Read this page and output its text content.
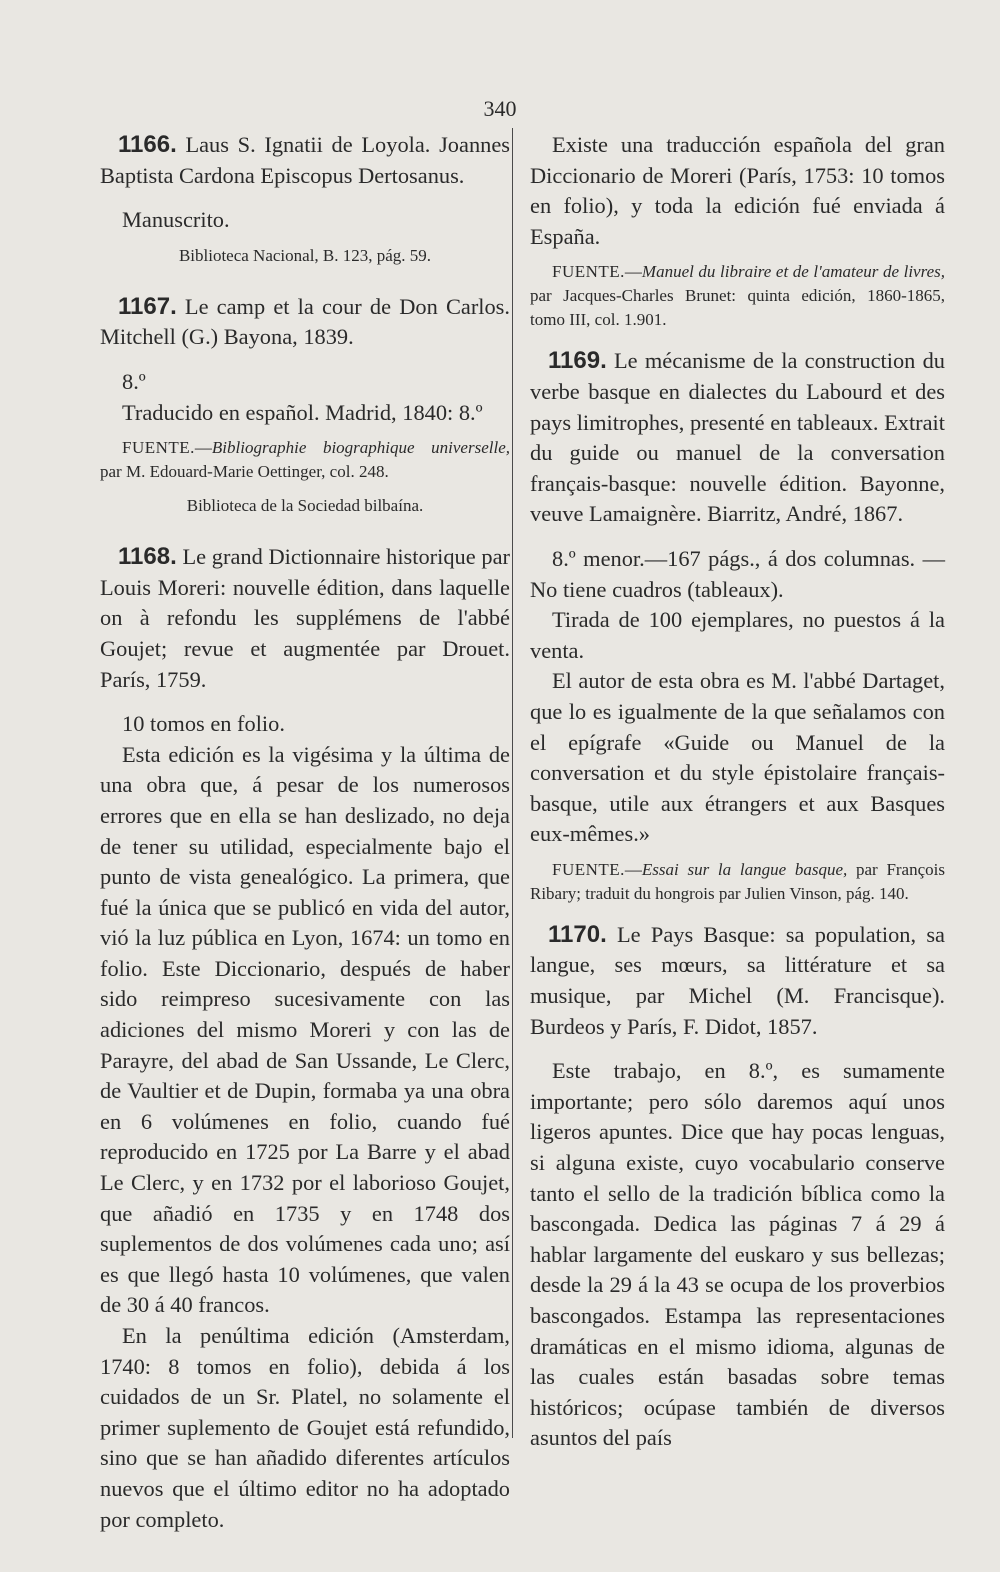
340

1166. Laus S. Ignatii de Loyola. Joannes Baptista Cardona Episcopus Dertosanus.

Manuscrito.

Biblioteca Nacional, B. 123, pág. 59.

1167. Le camp et la cour de Don Carlos. Mitchell (G.) Bayona, 1839.

8.º

Traducido en español. Madrid, 1840: 8.º

FUENTE.—Bibliographie biographique universelle, par M. Edouard-Marie Oettinger, col. 248.

Biblioteca de la Sociedad bilbaína.

1168. Le grand Dictionnaire historique par Louis Moreri: nouvelle édition, dans laquelle on à refondu les supplémens de l'abbé Goujet; revue et augmentée par Drouet. París, 1759.

10 tomos en folio.

Esta edición es la vigésima y la última de una obra que, á pesar de los numerosos errores que en ella se han deslizado, no deja de tener su utilidad, especialmente bajo el punto de vista genealógico. La primera, que fué la única que se publicó en vida del autor, vió la luz pública en Lyon, 1674: un tomo en folio. Este Diccionario, después de haber sido reimpreso sucesivamente con las adiciones del mismo Moreri y con las de Parayre, del abad de San Ussande, Le Clerc, de Vaultier et de Dupin, formaba ya una obra en 6 volúmenes en folio, cuando fué reproducido en 1725 por La Barre y el abad Le Clerc, y en 1732 por el laborioso Goujet, que añadió en 1735 y en 1748 dos suplementos de dos volúmenes cada uno; así es que llegó hasta 10 volúmenes, que valen de 30 á 40 francos.

En la penúltima edición (Amsterdam, 1740: 8 tomos en folio), debida á los cuidados de un Sr. Platel, no solamente el primer suplemento de Goujet está refundido, sino que se han añadido diferentes artículos nuevos que el último editor no ha adoptado por completo.

Existe una traducción española del gran Diccionario de Moreri (París, 1753: 10 tomos en folio), y toda la edición fué enviada á España.

FUENTE.—Manuel du libraire et de l'amateur de livres, par Jacques-Charles Brunet: quinta edición, 1860-1865, tomo III, col. 1.901.

1169. Le mécanisme de la construction du verbe basque en dialectes du Labourd et des pays limitrophes, presenté en tableaux. Extrait du guide ou manuel de la conversation français-basque: nouvelle édition. Bayonne, veuve Lamaignère. Biarritz, André, 1867.

8.º menor.—167 págs., á dos columnas. —No tiene cuadros (tableaux).

Tirada de 100 ejemplares, no puestos á la venta.

El autor de esta obra es M. l'abbé Dartaget, que lo es igualmente de la que señalamos con el epígrafe «Guide ou Manuel de la conversation et du style épistolaire français-basque, utile aux étrangers et aux Basques eux-mêmes.»

FUENTE.—Essai sur la langue basque, par François Ribary; traduit du hongrois par Julien Vinson, pág. 140.

1170. Le Pays Basque: sa population, sa langue, ses mœurs, sa littérature et sa musique, par Michel (M. Francisque). Burdeos y París, F. Didot, 1857.

Este trabajo, en 8.º, es sumamente importante; pero sólo daremos aquí unos ligeros apuntes. Dice que hay pocas lenguas, si alguna existe, cuyo vocabulario conserve tanto el sello de la tradición bíblica como la bascongada. Dedica las páginas 7 á 29 á hablar largamente del euskaro y sus bellezas; desde la 29 á la 43 se ocupa de los proverbios bascongados. Estampa las representaciones dramáticas en el mismo idioma, algunas de las cuales están basadas sobre temas históricos; ocúpase también de diversos asuntos del país
